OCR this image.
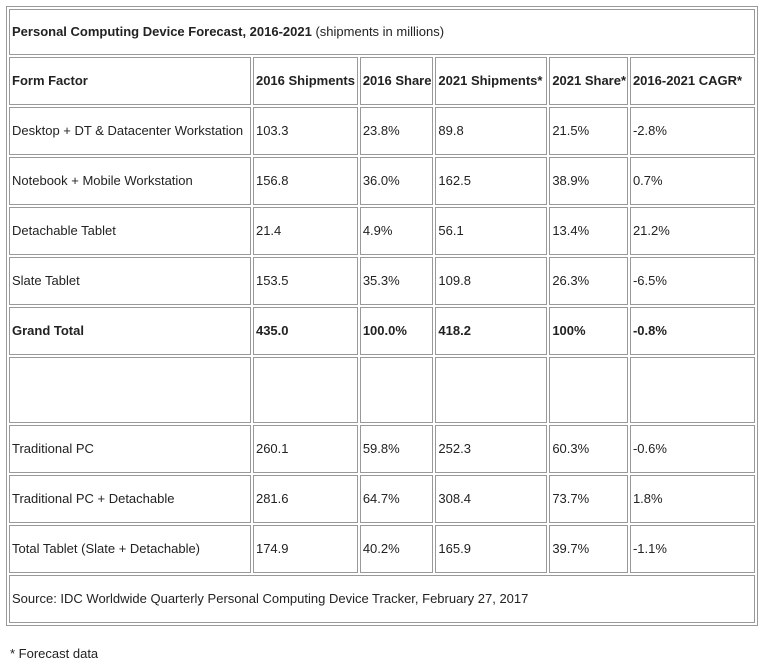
Personal Computing Device Forecast, 2016-2021 (shipments in millions)					
Form Factor	2016 Shipments	2016 Share	2021 Shipments*	2021 Share*	2016-2021 CAGR*
Desktop + DT & Datacenter Workstation	103.3	23.8%	89.8	21.5%	-2.8%
Notebook + Mobile Workstation	156.8	36.0%	162.5	38.9%	0.7%
Detachable Tablet	21.4	4.9%	56.1	13.4%	21.2%
Slate Tablet	153.5	35.3%	109.8	26.3%	-6.5%
Grand Total	435.0	100.0%	418.2	100%	-0.8%

Traditional PC	260.1	59.8%	252.3	60.3%	-0.6%
Traditional PC + Detachable	281.6	64.7%	308.4	73.7%	1.8%
Total Tablet (Slate + Detachable)	174.9	40.2%	165.9	39.7%	-1.1%
Source: IDC Worldwide Quarterly Personal Computing Device Tracker, February 27, 2017					
* Forecast data
